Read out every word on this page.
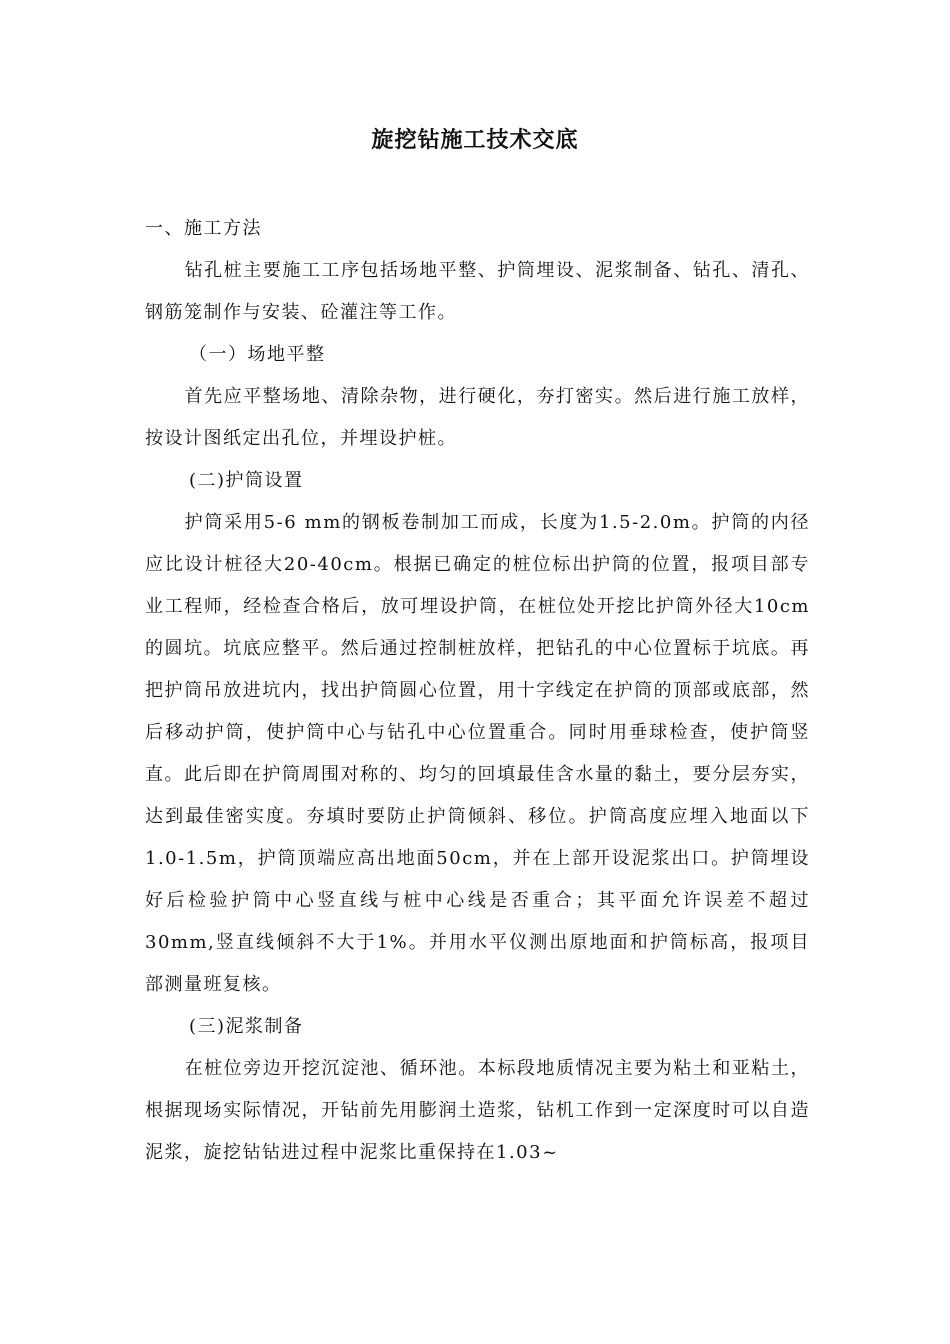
旋挖钻施工技术交底

一、施工方法

钻孔桩主要施工工序包括场地平整、护筒埋设、泥浆制备、钻孔、清孔、钢筋笼制作与安装、砼灌注等工作。

（一）场地平整

首先应平整场地、清除杂物，进行硬化，夯打密实。然后进行施工放样，按设计图纸定出孔位，并埋设护桩。

(二)护筒设置

护筒采用5-6 mm的钢板卷制加工而成，长度为1.5-2.0m。护筒的内径应比设计桩径大20-40cm。根据已确定的桩位标出护筒的位置，报项目部专业工程师，经检查合格后，放可埋设护筒，在桩位处开挖比护筒外径大10cm的圆坑。坑底应整平。然后通过控制桩放样，把钻孔的中心位置标于坑底。再把护筒吊放进坑内，找出护筒圆心位置，用十字线定在护筒的顶部或底部，然后移动护筒，使护筒中心与钻孔中心位置重合。同时用垂球检查，使护筒竖直。此后即在护筒周围对称的、均匀的回填最佳含水量的黏土，要分层夯实，达到最佳密实度。夯填时要防止护筒倾斜、移位。护筒高度应埋入地面以下1.0-1.5m，护筒顶端应高出地面50cm，并在上部开设泥浆出口。护筒埋设好后检验护筒中心竖直线与桩中心线是否重合；其平面允许误差不超过30mm,竖直线倾斜不大于1%。并用水平仪测出原地面和护筒标高，报项目部测量班复核。

(三)泥浆制备

在桩位旁边开挖沉淀池、循环池。本标段地质情况主要为粘土和亚粘土，根据现场实际情况，开钻前先用膨润土造浆，钻机工作到一定深度时可以自造泥浆，旋挖钻钻进过程中泥浆比重保持在1.03~
